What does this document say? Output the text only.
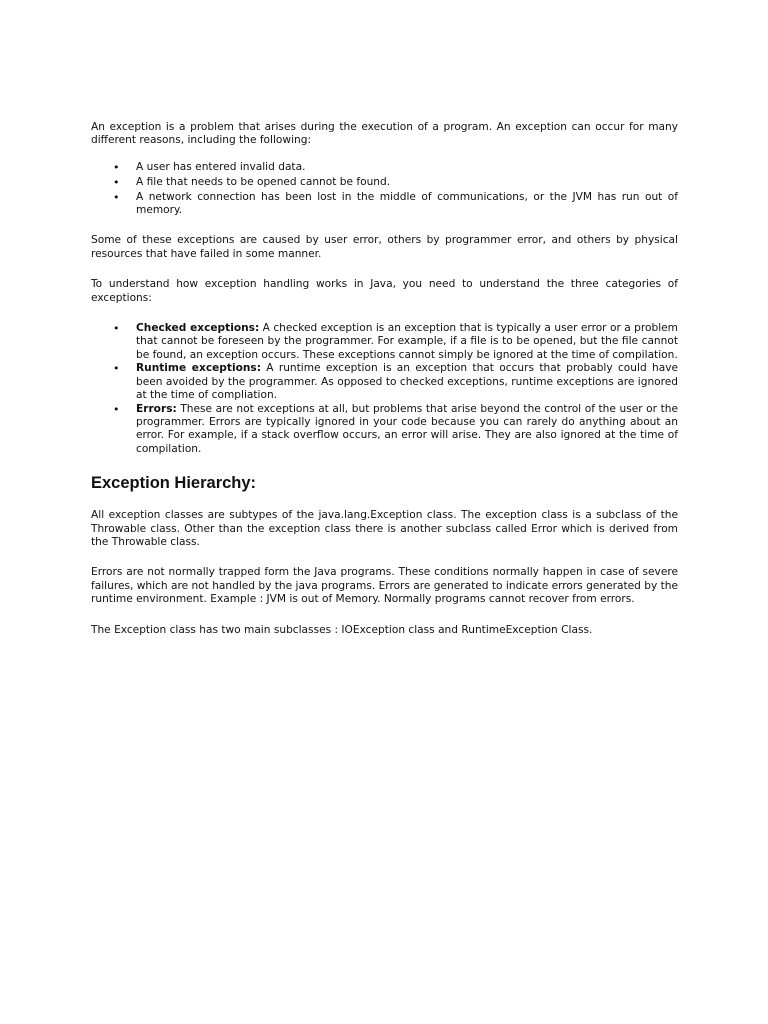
An exception is a problem that arises during the execution of a program. An exception can occur for many different reasons, including the following:

• A user has entered invalid data.
• A file that needs to be opened cannot be found.
• A network connection has been lost in the middle of communications, or the JVM has run out of memory.

Some of these exceptions are caused by user error, others by programmer error, and others by physical resources that have failed in some manner.

To understand how exception handling works in Java, you need to understand the three categories of exceptions:

• Checked exceptions: A checked exception is an exception that is typically a user error or a problem that cannot be foreseen by the programmer. For example, if a file is to be opened, but the file cannot be found, an exception occurs. These exceptions cannot simply be ignored at the time of compilation.
• Runtime exceptions: A runtime exception is an exception that occurs that probably could have been avoided by the programmer. As opposed to checked exceptions, runtime exceptions are ignored at the time of compliation.
• Errors: These are not exceptions at all, but problems that arise beyond the control of the user or the programmer. Errors are typically ignored in your code because you can rarely do anything about an error. For example, if a stack overflow occurs, an error will arise. They are also ignored at the time of compilation.
Exception Hierarchy:

All exception classes are subtypes of the java.lang.Exception class. The exception class is a subclass of the Throwable class. Other than the exception class there is another subclass called Error which is derived from the Throwable class.

Errors are not normally trapped form the Java programs. These conditions normally happen in case of severe failures, which are not handled by the java programs. Errors are generated to indicate errors generated by the runtime environment. Example : JVM is out of Memory. Normally programs cannot recover from errors.

The Exception class has two main subclasses : IOException class and RuntimeException Class.
